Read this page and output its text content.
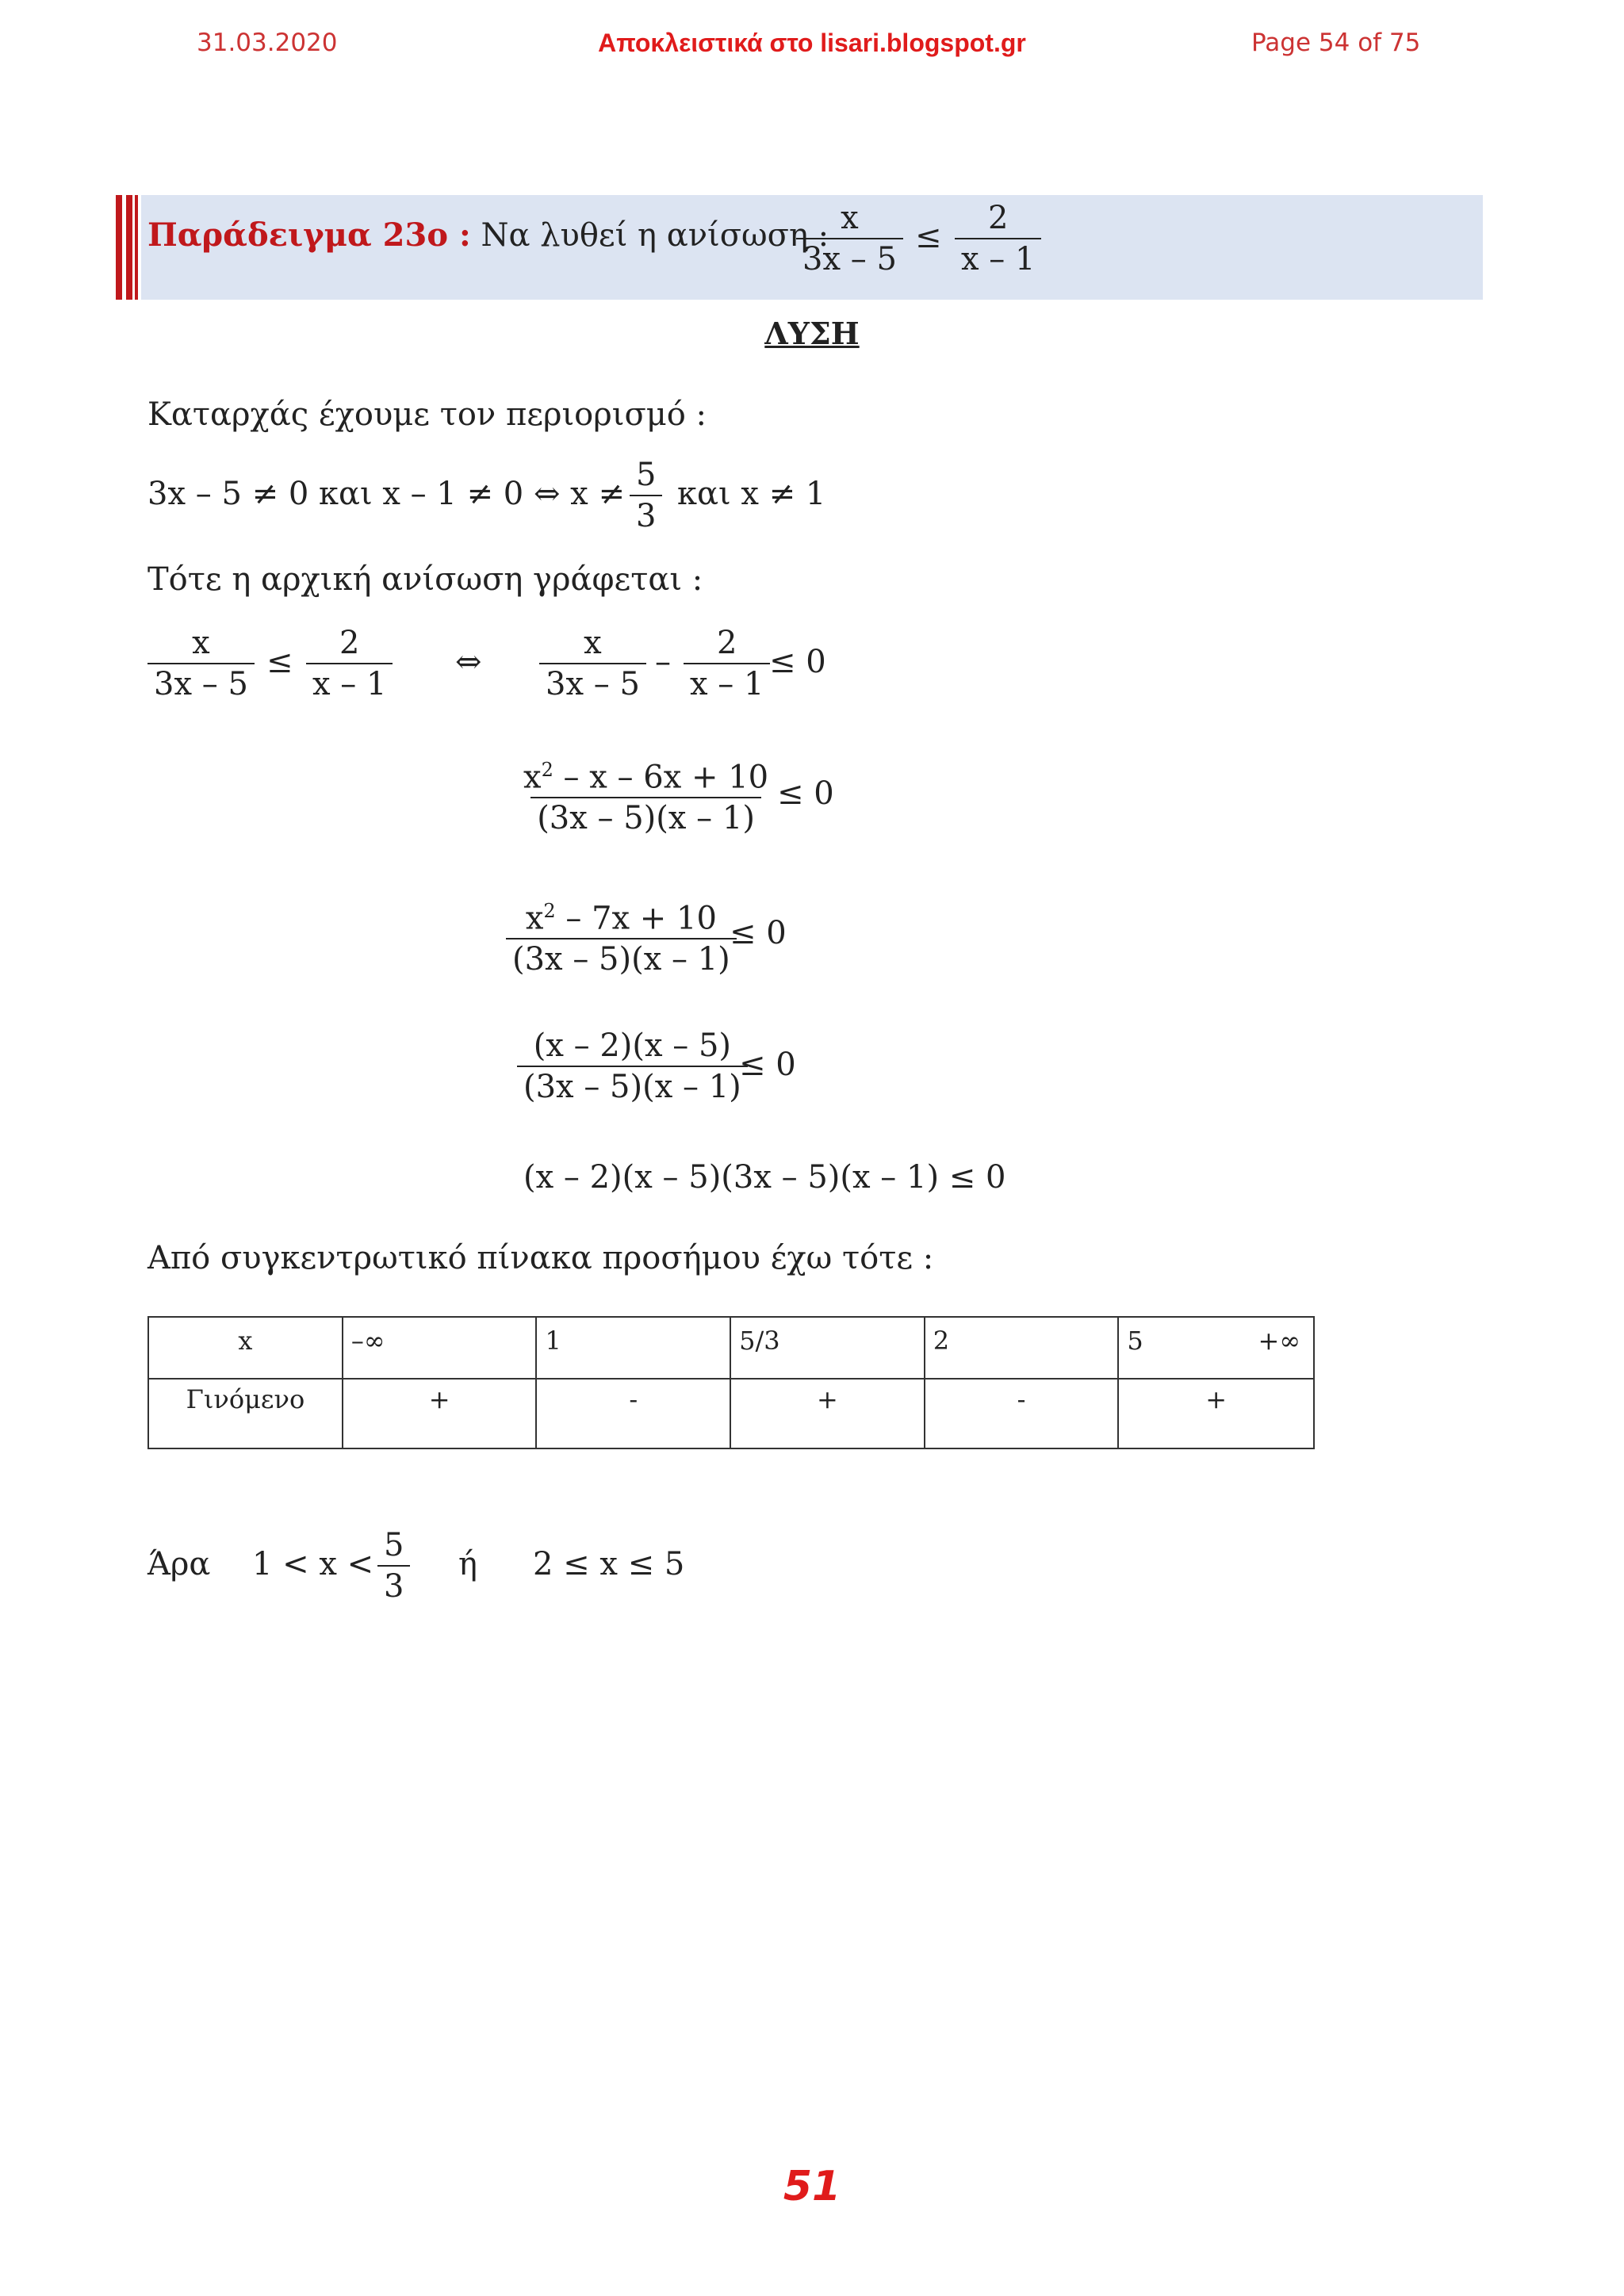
31.03.2020	Αποκλειστικά στο lisari.blogspot.gr	Page 54 of 75
Παράδειγμα 23ο : Να λυθεί η ανίσωση :
$\frac{x}{3x - 5} \le \frac{2}{x - 1}$
ΛΥΣΗ
Καταρχάς έχουμε τον περιορισμό :
3x – 5 ≠ 0 και x – 1 ≠ 0 ⇔ $x \ne \frac{5}{3}$ και x ≠ 1
Τότε η αρχική ανίσωση γράφεται :
$\frac{x}{3x - 5} \le \frac{2}{x - 1}$ ⇔ $\frac{x}{3x - 5} - \frac{2}{x - 1}$
≤ 0
$\frac{x^2 - x - 6x + 10}{(3x - 5)(x - 1)} \le 0$
$\frac{x^2 - 7x + 10}{(3x - 5)(x - 1)}$
≤ 0
$\frac{(x - 2)(x - 5)}{(3x - 5)(x - 1)}$
≤ 0
(x – 2)(x – 5)(3x – 5)(x – 1) ≤ 0
Από συγκεντρωτικό πίνακα προσήμου έχω τότε :
x	–∞	1	5/3	2	5 +∞

Γινόμενο	+	-	+	-	+
Άρα $1 < x < \frac{5}{3}$ ή 2 ≤ x ≤ 5
51
